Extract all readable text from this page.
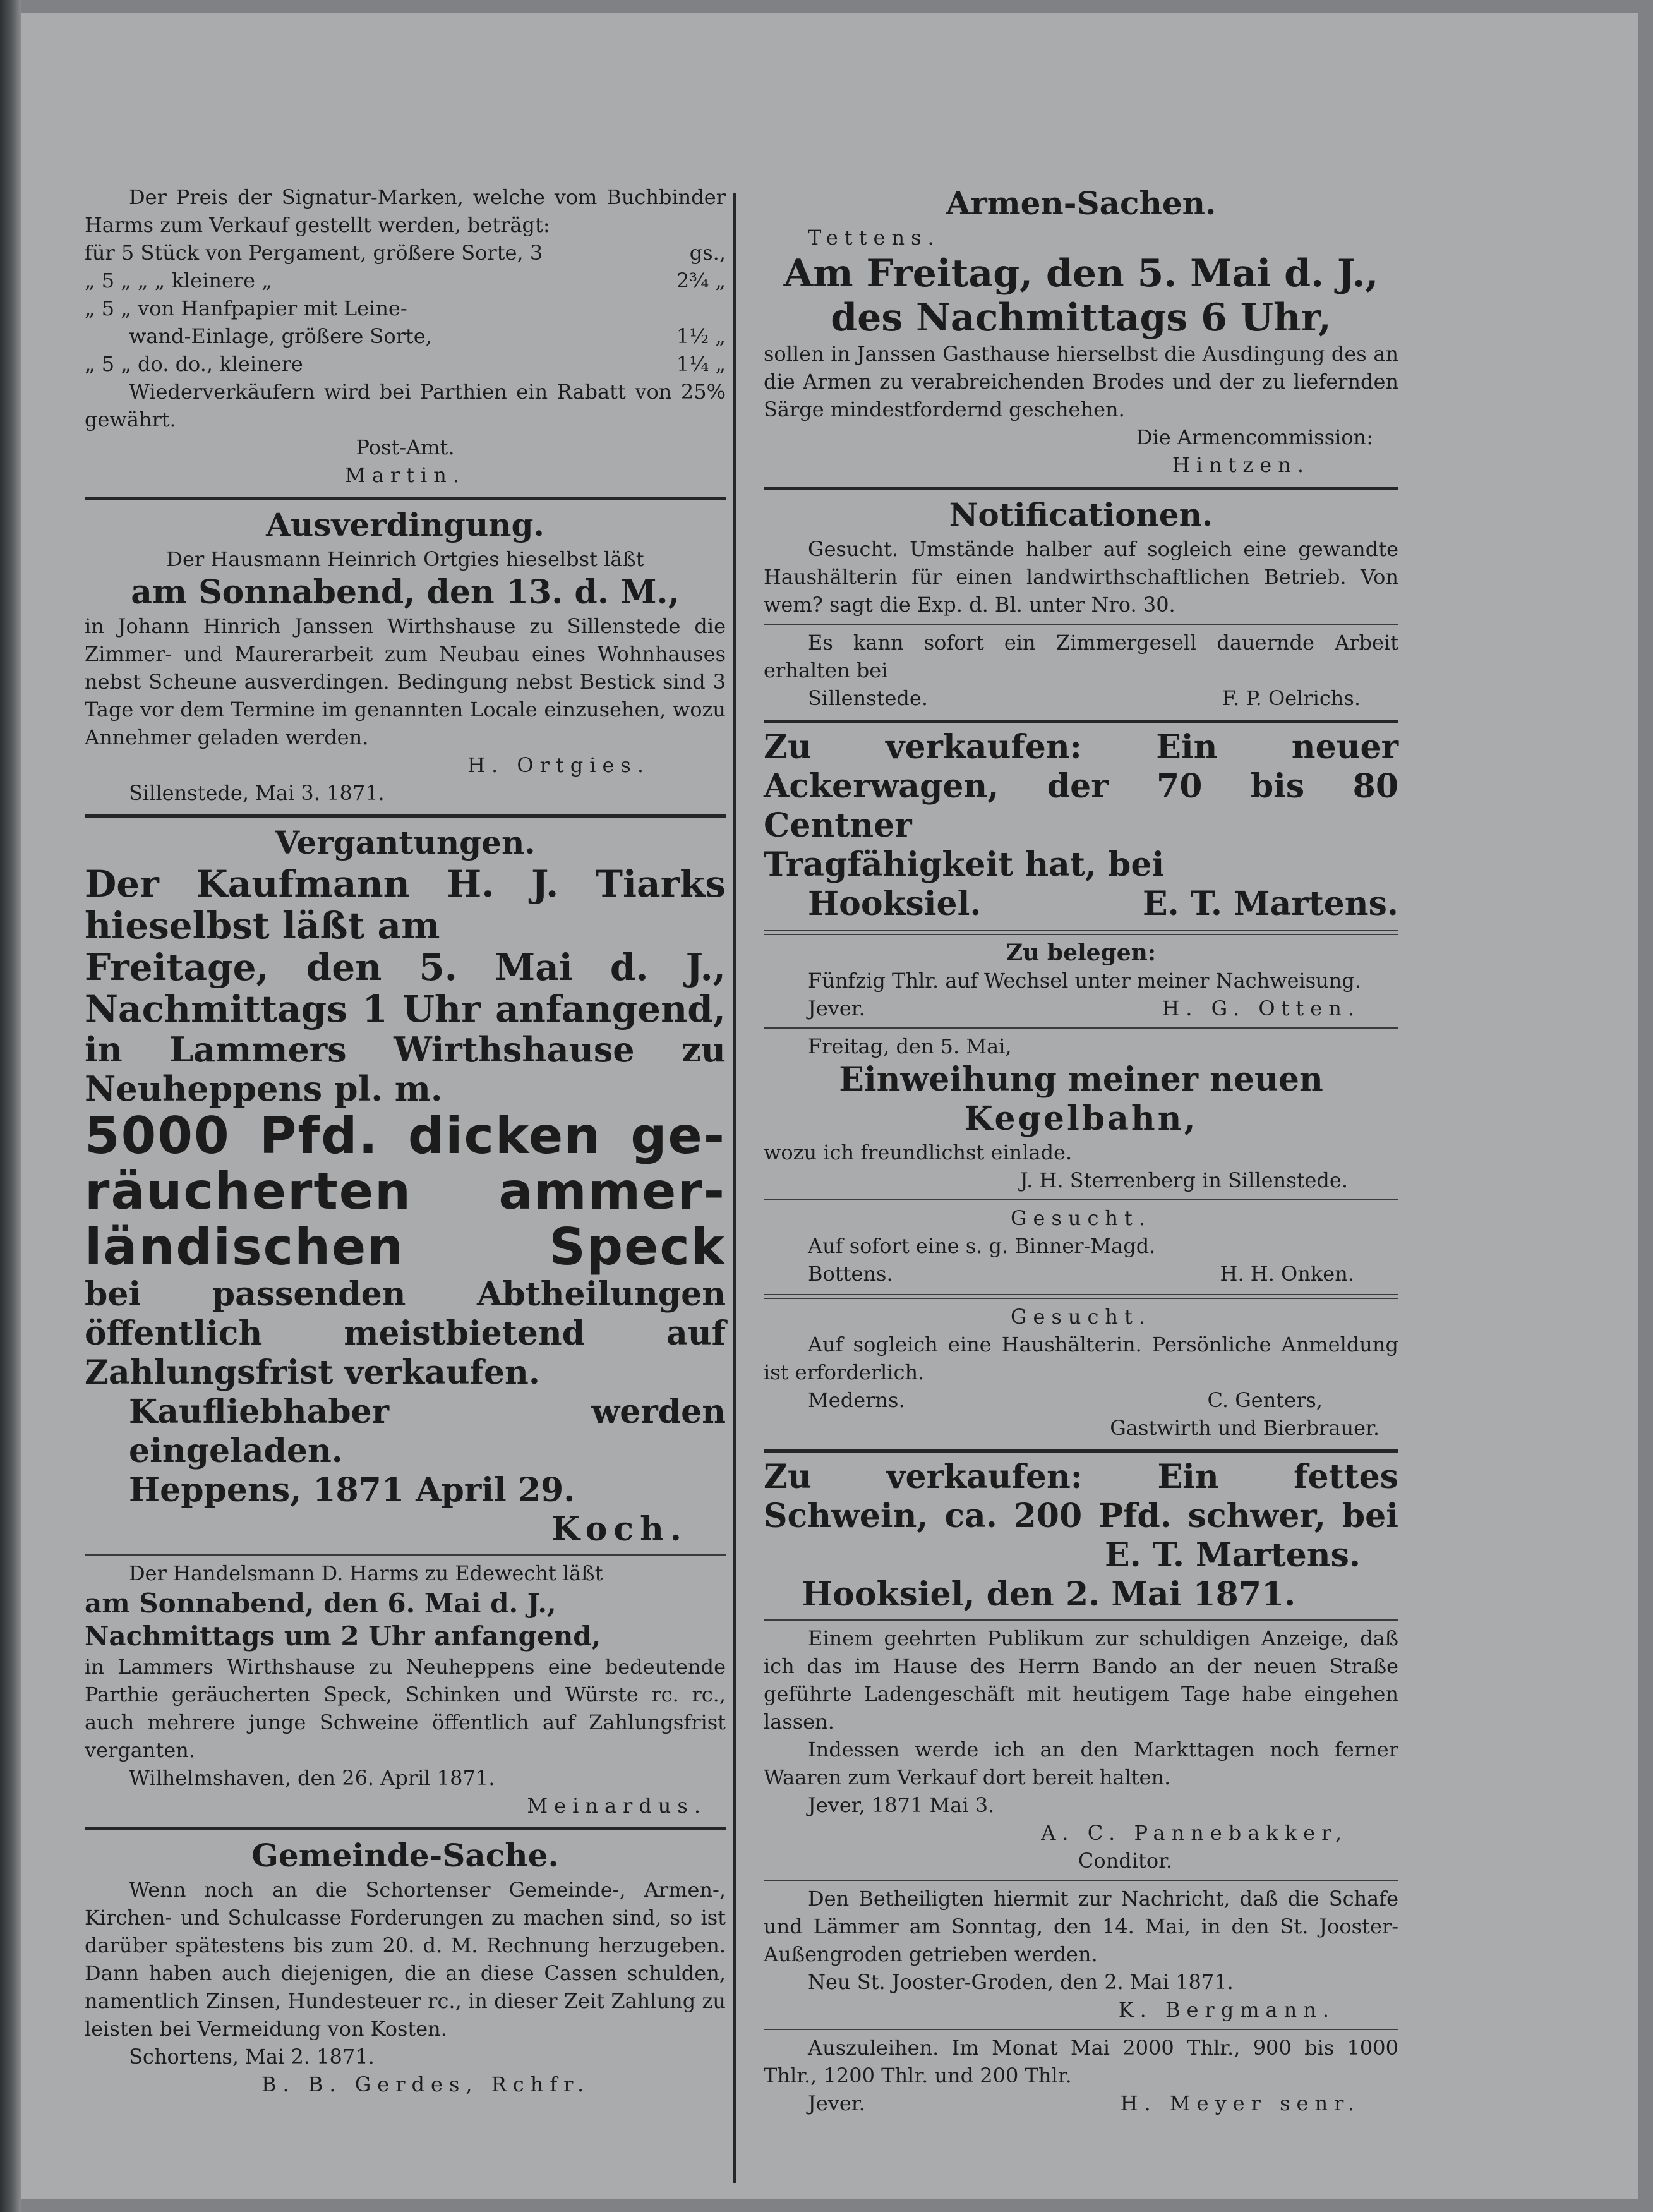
Der Preis der Signatur-Marken, welche vom Buchbinder Harms zum Verkauf gestellt werden, beträgt:

für 5 Stück von Pergament, größere Sorte, 3	gs.,
„ 5 „ „ „ kleinere „	2¾ „
„ 5 „ von Hanfpapier mit Leine-
wand-Einlage, größere Sorte,	1½ „
„ 5 „ do. do., kleinere	1¼ „

Wiederverkäufern wird bei Parthien ein Rabatt von 25% gewährt.

Post-Amt.

Martin.

Ausverdingung.

Der Hausmann Heinrich Ortgies hieselbst läßt

am Sonnabend, den 13. d. M.,

in Johann Hinrich Janssen Wirthshause zu Sillenstede die Zimmer- und Maurerarbeit zum Neubau eines Wohnhauses nebst Scheune ausverdingen. Bedingung nebst Bestick sind 3 Tage vor dem Termine im genannten Locale einzusehen, wozu Annehmer geladen werden.

H. Ortgies.

Sillenstede, Mai 3. 1871.

Vergantungen.

Der Kaufmann H. J. Tiarks

hieselbst läßt am

Freitage, den 5. Mai d. J.,

Nachmittags 1 Uhr anfangend,

in Lammers Wirthshause zu Neuheppens pl. m.

5000 Pfd. dicken ge-

räucherten ammer-

ländischen Speck

bei passenden Abtheilungen öffentlich meistbietend auf Zahlungsfrist verkaufen.

Kaufliebhaber werden eingeladen.

Heppens, 1871 April 29.

Koch.

Der Handelsmann D. Harms zu Edewecht läßt

am Sonnabend, den 6. Mai d. J.,

Nachmittags um 2 Uhr anfangend,

in Lammers Wirthshause zu Neuheppens eine bedeutende Parthie geräucherten Speck, Schinken und Würste rc. rc., auch mehrere junge Schweine öffentlich auf Zahlungsfrist verganten.

Wilhelmshaven, den 26. April 1871.

Meinardus.

Gemeinde-Sache.

Wenn noch an die Schortenser Gemeinde-, Armen-, Kirchen- und Schulcasse Forderungen zu machen sind, so ist darüber spätestens bis zum 20. d. M. Rechnung herzugeben. Dann haben auch diejenigen, die an diese Cassen schulden, namentlich Zinsen, Hundesteuer rc., in dieser Zeit Zahlung zu leisten bei Vermeidung von Kosten.

Schortens, Mai 2. 1871.

B. B. Gerdes, Rchfr.

Armen-Sachen.

Tettens.

Am Freitag, den 5. Mai d. J.,

des Nachmittags 6 Uhr,

sollen in Janssen Gasthause hierselbst die Ausdingung des an die Armen zu verabreichenden Brodes und der zu liefernden Särge mindestfordernd geschehen.

Die Armencommission:

Hintzen.

Notificationen.

Gesucht. Umstände halber auf sogleich eine gewandte Haushälterin für einen landwirthschaftlichen Betrieb. Von wem? sagt die Exp. d. Bl. unter Nro. 30.

Es kann sofort ein Zimmergesell dauernde Arbeit erhalten bei

Sillenstede.	F. P. Oelrichs.

Zu verkaufen: Ein neuer

Ackerwagen, der 70 bis 80 Centner

Tragfähigkeit hat, bei

Hooksiel.	E. T. Martens.

Zu belegen:

Fünfzig Thlr. auf Wechsel unter meiner Nachweisung.

Jever.	H. G. Otten.

Freitag, den 5. Mai,

Einweihung meiner neuen

Kegelbahn,

wozu ich freundlichst einlade.

J. H. Sterrenberg in Sillenstede.

Gesucht.

Auf sofort eine s. g. Binner-Magd.

Bottens.	H. H. Onken.

Gesucht.

Auf sogleich eine Haushälterin. Persönliche Anmeldung ist erforderlich.

Mederns.	C. Genters,

Gastwirth und Bierbrauer.

Zu verkaufen: Ein fettes

Schwein, ca. 200 Pfd. schwer, bei

E. T. Martens.

Hooksiel, den 2. Mai 1871.

Einem geehrten Publikum zur schuldigen Anzeige, daß ich das im Hause des Herrn Bando an der neuen Straße geführte Ladengeschäft mit heutigem Tage habe eingehen lassen.

Indessen werde ich an den Markttagen noch ferner Waaren zum Verkauf dort bereit halten.

Jever, 1871 Mai 3.

A. C. Pannebakker,

Conditor.

Den Betheiligten hiermit zur Nachricht, daß die Schafe und Lämmer am Sonntag, den 14. Mai, in den St. Jooster-Außengroden getrieben werden.

Neu St. Jooster-Groden, den 2. Mai 1871.

K. Bergmann.

Auszuleihen. Im Monat Mai 2000 Thlr., 900 bis 1000 Thlr., 1200 Thlr. und 200 Thlr.

Jever.	H. Meyer senr.
